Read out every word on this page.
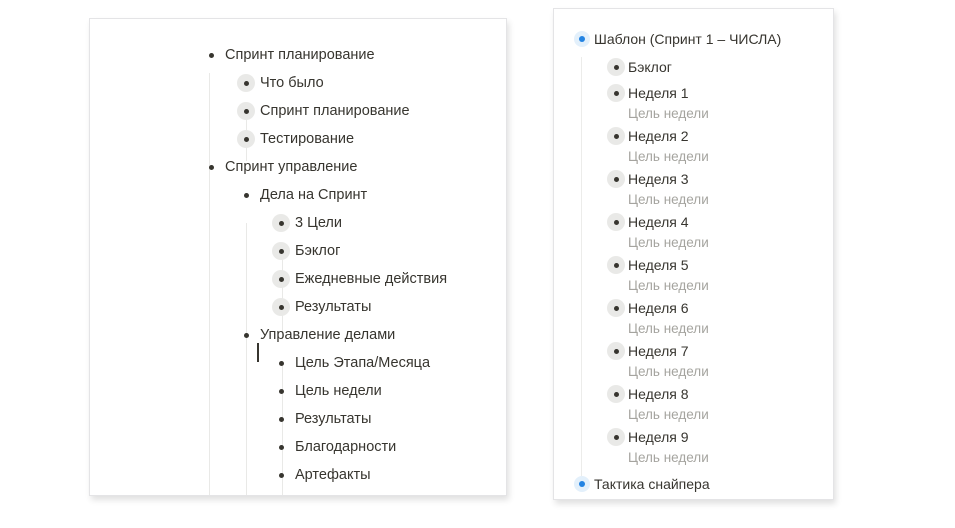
Спринт планирование
Что было
Спринт планирование
Тестирование
Спринт управление
Дела на Спринт
3 Цели
Бэклог
Ежедневные действия
Результаты
Управление делами
Цель Этапа/Месяца
Цель недели
Результаты
Благодарности
Артефакты
Шаблон (Спринт 1 – ЧИСЛА)
Бэклог
Неделя 1
Цель недели
Неделя 2
Цель недели
Неделя 3
Цель недели
Неделя 4
Цель недели
Неделя 5
Цель недели
Неделя 6
Цель недели
Неделя 7
Цель недели
Неделя 8
Цель недели
Неделя 9
Цель недели
Тактика снайпера
